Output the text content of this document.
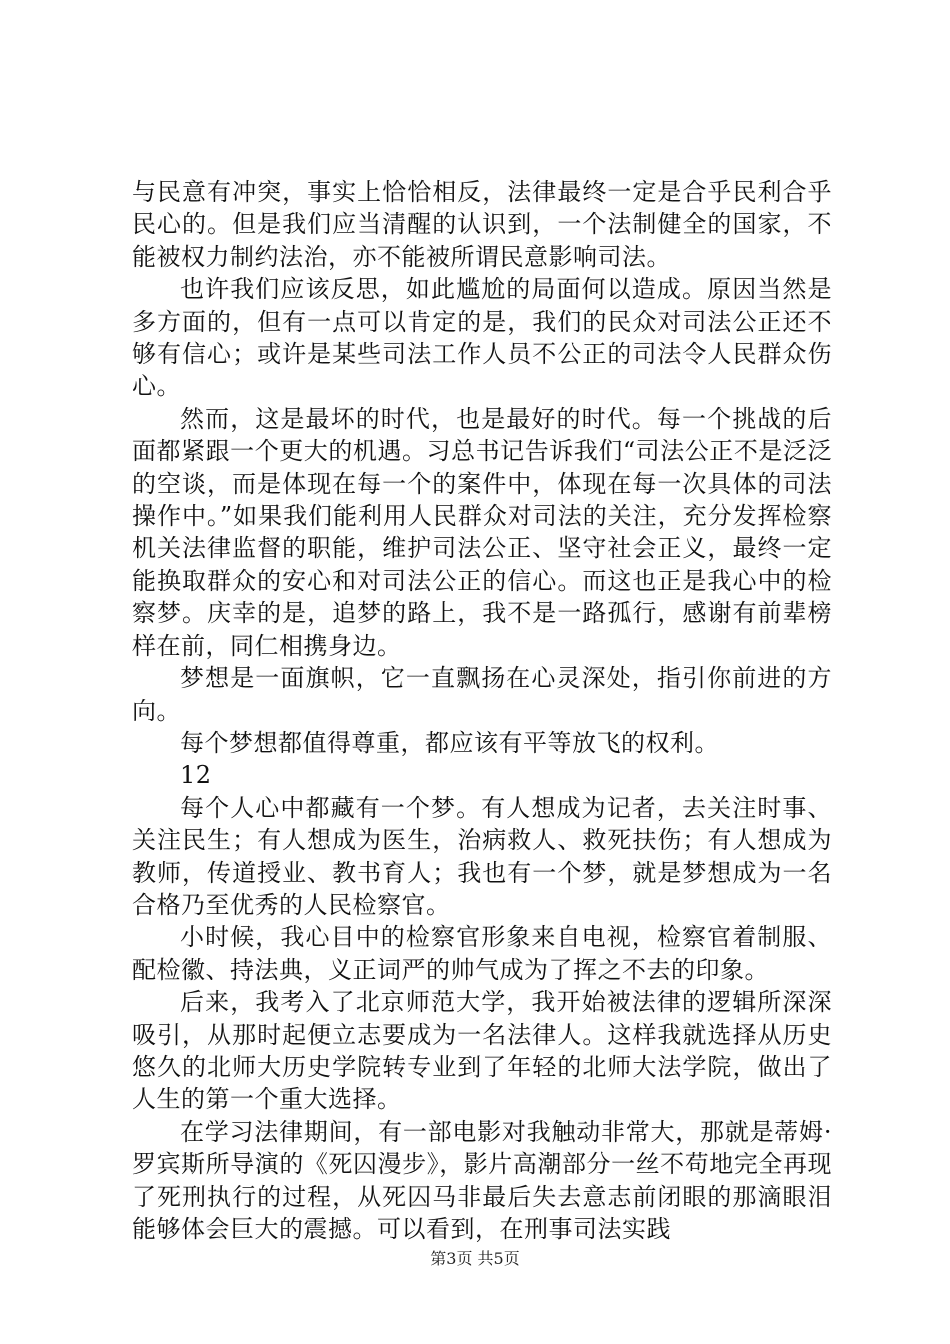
与民意有冲突，事实上恰恰相反，法律最终一定是合乎民利合乎民心的。但是我们应当清醒的认识到，一个法制健全的国家，不能被权力制约法治，亦不能被所谓民意影响司法。

也许我们应该反思，如此尴尬的局面何以造成。原因当然是多方面的，但有一点可以肯定的是，我们的民众对司法公正还不够有信心；或许是某些司法工作人员不公正的司法令人民群众伤心。

然而，这是最坏的时代，也是最好的时代。每一个挑战的后面都紧跟一个更大的机遇。习总书记告诉我们“司法公正不是泛泛的空谈，而是体现在每一个的案件中，体现在每一次具体的司法操作中。”如果我们能利用人民群众对司法的关注，充分发挥检察机关法律监督的职能，维护司法公正、坚守社会正义，最终一定能换取群众的安心和对司法公正的信心。而这也正是我心中的检察梦。庆幸的是，追梦的路上，我不是一路孤行，感谢有前辈榜样在前，同仁相携身边。

梦想是一面旗帜，它一直飘扬在心灵深处，指引你前进的方向。

每个梦想都值得尊重，都应该有平等放飞的权利。

12

每个人心中都藏有一个梦。有人想成为记者，去关注时事、关注民生；有人想成为医生，治病救人、救死扶伤；有人想成为教师，传道授业、教书育人；我也有一个梦，就是梦想成为一名合格乃至优秀的人民检察官。

小时候，我心目中的检察官形象来自电视，检察官着制服、配检徽、持法典，义正词严的帅气成为了挥之不去的印象。

后来，我考入了北京师范大学，我开始被法律的逻辑所深深吸引，从那时起便立志要成为一名法律人。这样我就选择从历史悠久的北师大历史学院转专业到了年轻的北师大法学院，做出了人生的第一个重大选择。

在学习法律期间，有一部电影对我触动非常大，那就是蒂姆·罗宾斯所导演的《死囚漫步》，影片高潮部分一丝不苟地完全再现了死刑执行的过程，从死囚马非最后失去意志前闭眼的那滴眼泪能够体会巨大的震撼。可以看到，在刑事司法实践

第3页 共5页
